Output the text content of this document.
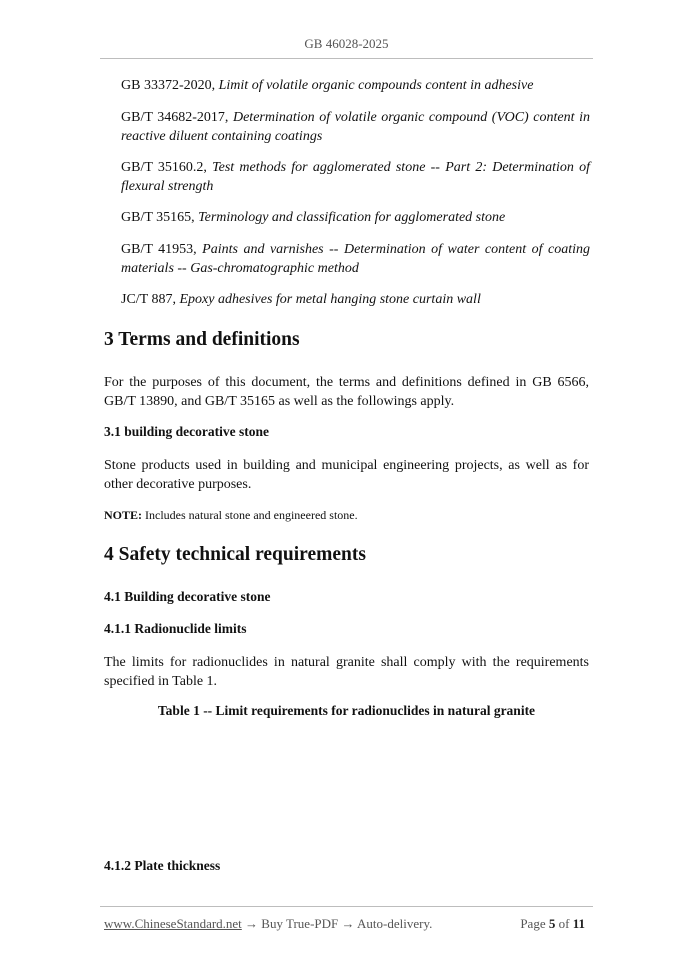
GB 46028-2025
GB 33372-2020, Limit of volatile organic compounds content in adhesive
GB/T 34682-2017, Determination of volatile organic compound (VOC) content in reactive diluent containing coatings
GB/T 35160.2, Test methods for agglomerated stone -- Part 2: Determination of flexural strength
GB/T 35165, Terminology and classification for agglomerated stone
GB/T 41953, Paints and varnishes -- Determination of water content of coating materials -- Gas-chromatographic method
JC/T 887, Epoxy adhesives for metal hanging stone curtain wall
3 Terms and definitions
For the purposes of this document, the terms and definitions defined in GB 6566, GB/T 13890, and GB/T 35165 as well as the followings apply.
3.1 building decorative stone
Stone products used in building and municipal engineering projects, as well as for other decorative purposes.
NOTE: Includes natural stone and engineered stone.
4 Safety technical requirements
4.1 Building decorative stone
4.1.1 Radionuclide limits
The limits for radionuclides in natural granite shall comply with the requirements specified in Table 1.
Table 1 -- Limit requirements for radionuclides in natural granite
4.1.2 Plate thickness
www.ChineseStandard.net → Buy True-PDF → Auto-delivery.	Page 5 of 11
